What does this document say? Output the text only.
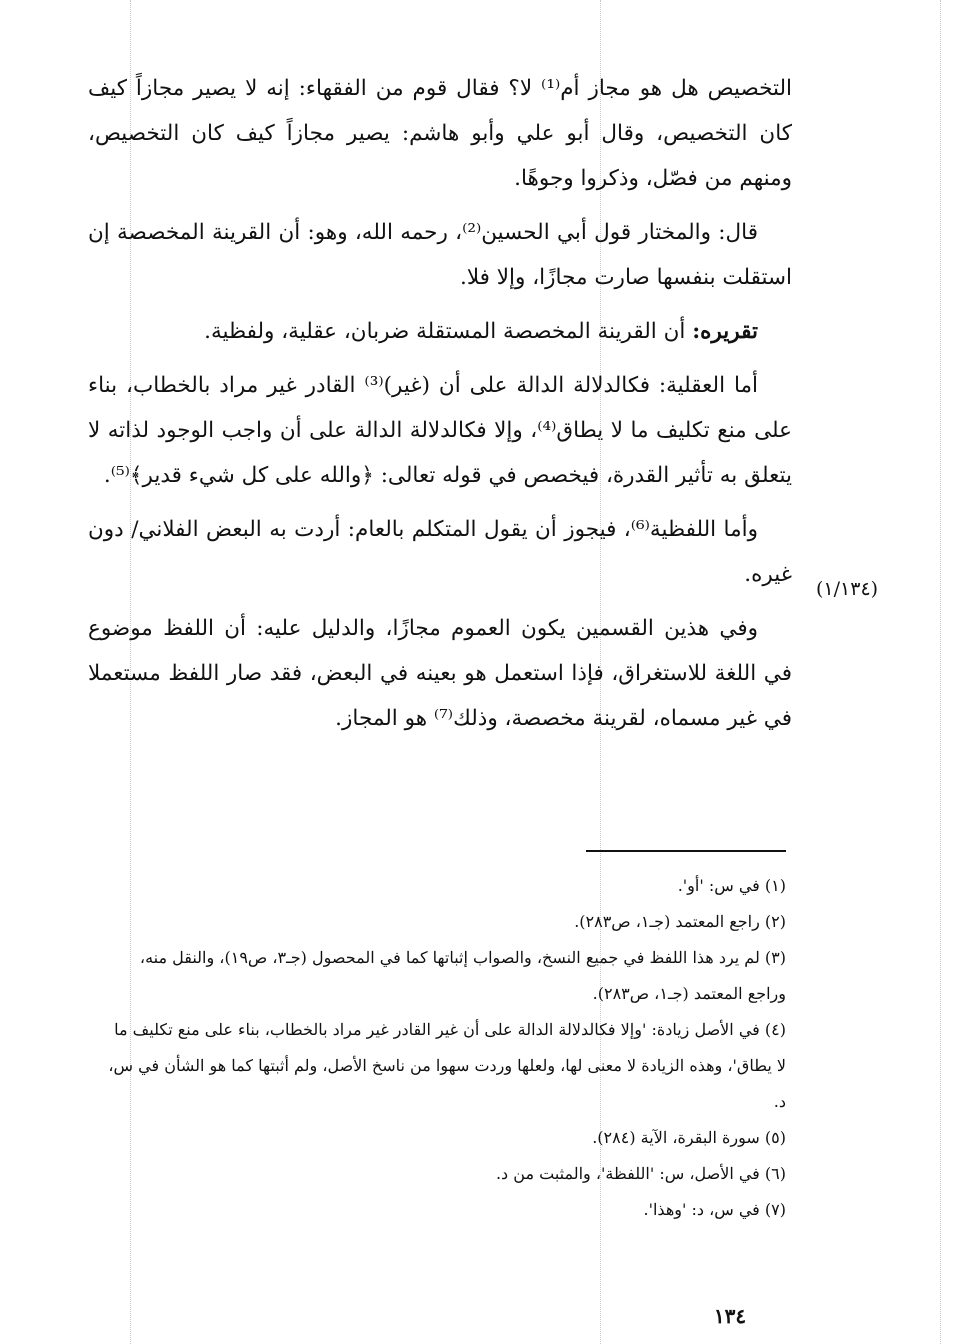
(١/١٣٤)

التخصيص هل هو مجاز أم⁽¹⁾ لا؟ فقال قوم من الفقهاء: إنه لا يصير مجازاً كيف كان التخصيص، وقال أبو علي وأبو هاشم: يصير مجازاً كيف كان التخصيص، ومنهم من فصّل، وذكروا وجوهًا.

قال: والمختار قول أبي الحسين⁽²⁾، رحمه الله، وهو: أن القرينة المخصصة إن استقلت بنفسها صارت مجازًا، وإلا فلا.

تقريره: أن القرينة المخصصة المستقلة ضربان، عقلية، ولفظية.

أما العقلية: فكالدلالة الدالة على أن (غير)⁽³⁾ القادر غير مراد بالخطاب، بناء على منع تكليف ما لا يطاق⁽⁴⁾، وإلا فكالدلالة الدالة على أن واجب الوجود لذاته لا يتعلق به تأثير القدرة، فيخصص في قوله تعالى: ﴿والله على كل شيء قدير﴾⁽⁵⁾.

وأما اللفظية⁽⁶⁾، فيجوز أن يقول المتكلم بالعام: أردت به البعض الفلاني/ دون غيره.

وفي هذين القسمين يكون العموم مجازًا، والدليل عليه: أن اللفظ موضوع في اللغة للاستغراق، فإذا استعمل هو بعينه في البعض، فقد صار اللفظ مستعملا في غير مسماه، لقرينة مخصصة، وذلك⁽⁷⁾ هو المجاز.

(١) في س: 'أو'.

(٢) راجع المعتمد (جـ١، ص٢٨٣).

(٣) لم يرد هذا اللفظ في جميع النسخ، والصواب إثباتها كما في المحصول (جـ٣، ص١٩)، والنقل منه، وراجع المعتمد (جـ١، ص٢٨٣).

(٤) في الأصل زيادة: 'وإلا فكالدلالة الدالة على أن غير القادر غير مراد بالخطاب، بناء على منع تكليف ما لا يطاق'، وهذه الزيادة لا معنى لها، ولعلها وردت سهوا من ناسخ الأصل، ولم أثبتها كما هو الشأن في س، د.

(٥) سورة البقرة، الآية (٢٨٤).

(٦) في الأصل، س: 'اللفظة'، والمثبت من د.

(٧) في س، د: 'وهذا'.

١٣٤
